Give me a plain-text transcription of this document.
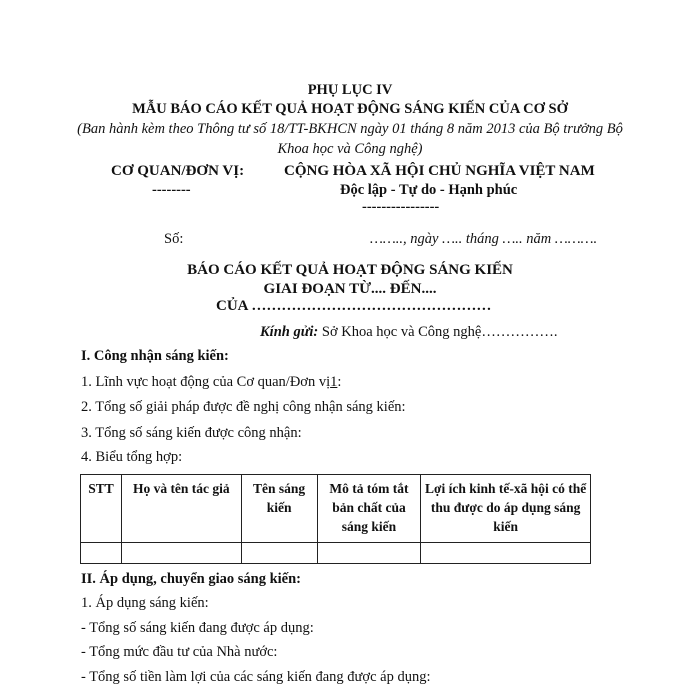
PHỤ LỤC IV
MẪU BÁO CÁO KẾT QUẢ HOẠT ĐỘNG SÁNG KIẾN CỦA CƠ SỞ
(Ban hành kèm theo Thông tư số 18/TT-BKHCN ngày 01 tháng 8 năm 2013 của Bộ trưởng Bộ
Khoa học và Công nghệ)
CƠ QUAN/ĐƠN VỊ:
--------
CỘNG HÒA XÃ HỘI CHỦ NGHĨA VIỆT NAM
Độc lập - Tự do - Hạnh phúc
----------------
Số:	…….., ngày ….. tháng ….. năm ……….
BÁO CÁO KẾT QUẢ HOẠT ĐỘNG SÁNG KIẾN
GIAI ĐOẠN TỪ.... ĐẾN....
CỦA …………………………………………
Kính gửi: Sở Khoa học và Công nghệ…………….
I. Công nhận sáng kiến:
1. Lĩnh vực hoạt động của Cơ quan/Đơn vị1:
2. Tổng số giải pháp được đề nghị công nhận sáng kiến:
3. Tổng số sáng kiến được công nhận:
4. Biểu tổng hợp:
STT	Họ và tên tác giả	Tên sáng kiến	Mô tả tóm tắt bản chất của sáng kiến	Lợi ích kinh tế-xã hội có thể thu được do áp dụng sáng kiến

II. Áp dụng, chuyển giao sáng kiến:
1. Áp dụng sáng kiến:
- Tổng số sáng kiến đang được áp dụng:
- Tổng mức đầu tư của Nhà nước:
- Tổng số tiền làm lợi của các sáng kiến đang được áp dụng:
